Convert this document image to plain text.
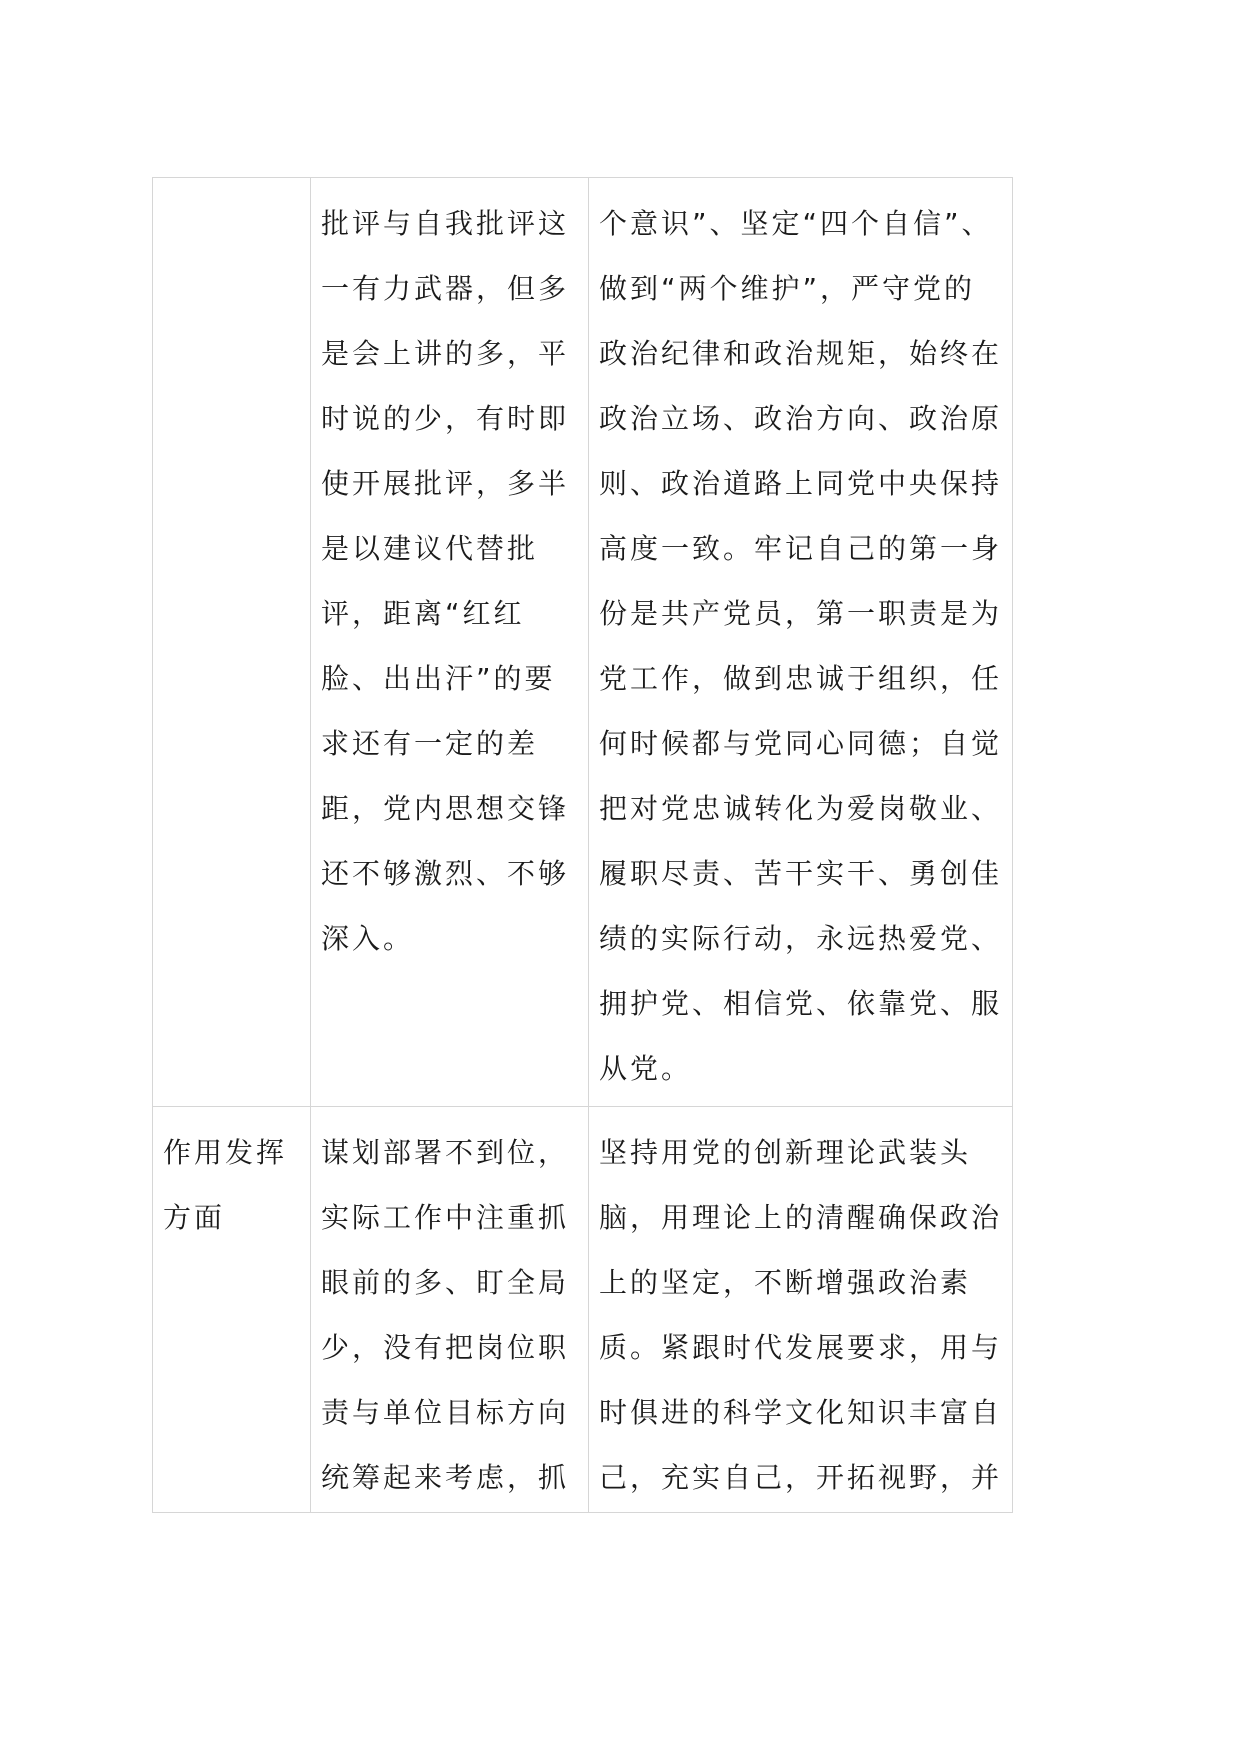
	批评与自我批评这一有力武器，但多是会上讲的多，平时说的少，有时即使开展批评，多半是以建议代替批评，距离“红红脸、出出汗”的要求还有一定的差距，党内思想交锋还不够激烈、不够深入。	个意识”、坚定“四个自信”、做到“两个维护”，严守党的政治纪律和政治规矩，始终在政治立场、政治方向、政治原则、政治道路上同党中央保持高度一致。牢记自己的第一身份是共产党员，第一职责是为党工作，做到忠诚于组织，任何时候都与党同心同德；自觉把对党忠诚转化为爱岗敬业、履职尽责、苦干实干、勇创佳绩的实际行动，永远热爱党、拥护党、相信党、依靠党、服从党。
作用发挥方面	谋划部署不到位，实际工作中注重抓眼前的多、盯全局少，没有把岗位职责与单位目标方向统筹起来考虑，抓	坚持用党的创新理论武装头脑，用理论上的清醒确保政治上的坚定，不断增强政治素质。紧跟时代发展要求，用与时俱进的科学文化知识丰富自己，充实自己，开拓视野，并
